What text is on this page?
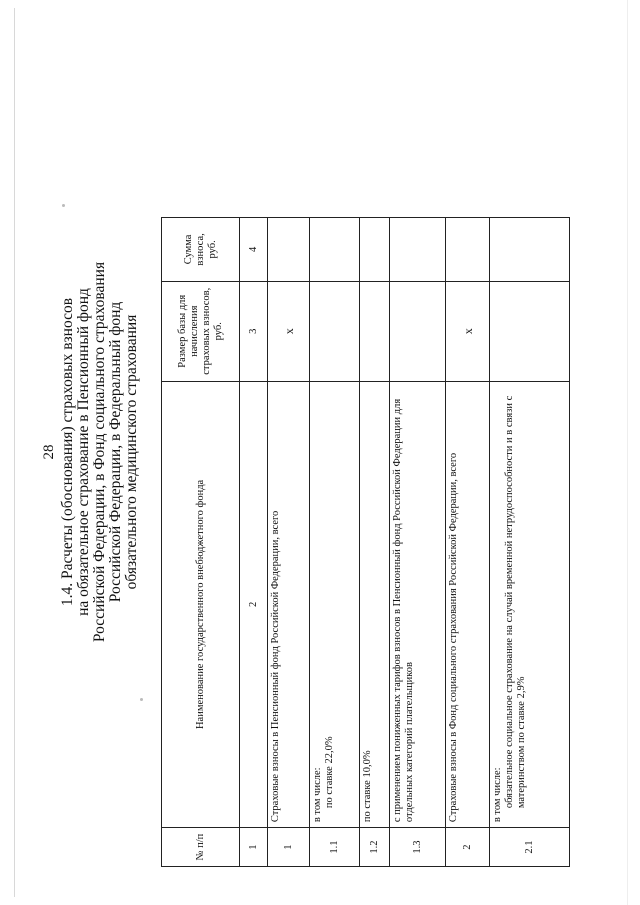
28 1.4. Расчеты (обоснования) страховых взносов на обязательное страхование в Пенсионный фонд Российской Федерации, в Фонд социального страхования Российской Федерации, в Федеральный фонд обязательного медицинского страхования
№ п/п	Наименование государственного внебюджетного фонда	Размер базы для начисления страховых взносов, руб.	Сумма взноса, руб.
1	2	3	4
1	Страховые взносы в Пенсионный фонд Российской Федерации, всего	х	
1.1	в том числе: по ставке 22,0%		

1.2	по ставке 10,0%		
1.3	с применением пониженных тарифов взносов в Пенсионный фонд Российской Федерации для отдельных категорий плательщиков		
2	Страховые взносы в Фонд социального страхования Российской Федерации, всего	х	
2.1	в том числе: обязательное социальное страхование на случай временной нетрудоспособности и в связи с материнством по ставке 2,9%		
